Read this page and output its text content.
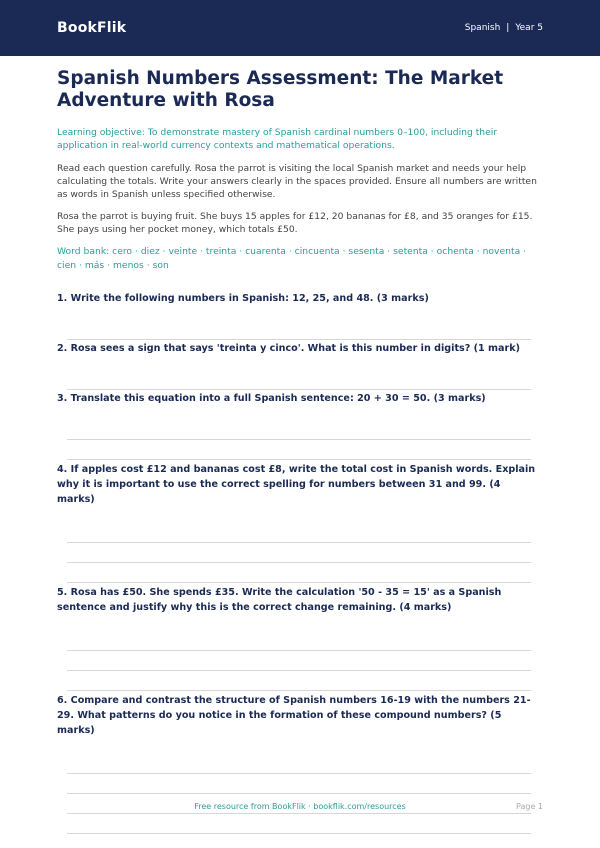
BookFlik	Spanish | Year 5
Spanish Numbers Assessment: The Market Adventure with Rosa

Learning objective: To demonstrate mastery of Spanish cardinal numbers 0–100, including their application in real-world currency contexts and mathematical operations.

Read each question carefully. Rosa the parrot is visiting the local Spanish market and needs your help calculating the totals. Write your answers clearly in the spaces provided. Ensure all numbers are written as words in Spanish unless specified otherwise.

Rosa the parrot is buying fruit. She buys 15 apples for £12, 20 bananas for £8, and 35 oranges for £15. She pays using her pocket money, which totals £50.

Word bank: cero · diez · veinte · treinta · cuarenta · cincuenta · sesenta · setenta · ochenta · noventa · cien · más · menos · son

1. Write the following numbers in Spanish: 12, 25, and 48. (3 marks)

2. Rosa sees a sign that says 'treinta y cinco'. What is this number in digits? (1 mark)

3. Translate this equation into a full Spanish sentence: 20 + 30 = 50. (3 marks)

4. If apples cost £12 and bananas cost £8, write the total cost in Spanish words. Explain why it is important to use the correct spelling for numbers between 31 and 99. (4 marks)

5. Rosa has £50. She spends £35. Write the calculation '50 - 35 = 15' as a Spanish sentence and justify why this is the correct change remaining. (4 marks)

6. Compare and contrast the structure of Spanish numbers 16-19 with the numbers 21-29. What patterns do you notice in the formation of these compound numbers? (5 marks)

Free resource from BookFlik · bookflik.com/resources	Page 1
